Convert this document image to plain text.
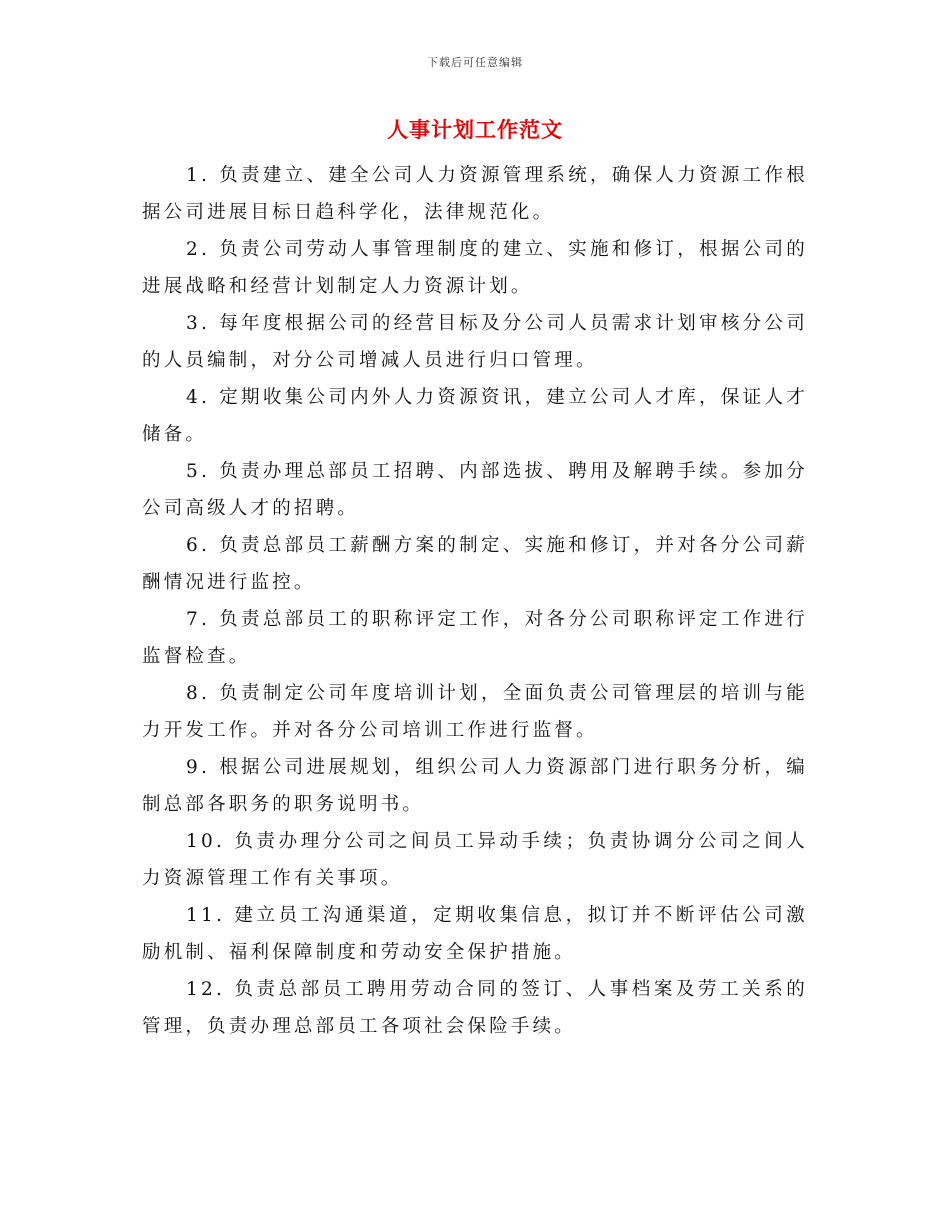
下载后可任意编辑
人事计划工作范文

1. 负责建立、建全公司人力资源管理系统，确保人力资源工作根据公司进展目标日趋科学化，法律规范化。

2. 负责公司劳动人事管理制度的建立、实施和修订，根据公司的进展战略和经营计划制定人力资源计划。

3. 每年度根据公司的经营目标及分公司人员需求计划审核分公司的人员编制，对分公司增减人员进行归口管理。

4. 定期收集公司内外人力资源资讯，建立公司人才库，保证人才储备。

5. 负责办理总部员工招聘、内部选拔、聘用及解聘手续。参加分公司高级人才的招聘。

6. 负责总部员工薪酬方案的制定、实施和修订，并对各分公司薪酬情况进行监控。

7. 负责总部员工的职称评定工作，对各分公司职称评定工作进行监督检查。

8. 负责制定公司年度培训计划，全面负责公司管理层的培训与能力开发工作。并对各分公司培训工作进行监督。

9. 根据公司进展规划，组织公司人力资源部门进行职务分析，编制总部各职务的职务说明书。

10. 负责办理分公司之间员工异动手续；负责协调分公司之间人力资源管理工作有关事项。

11. 建立员工沟通渠道，定期收集信息，拟订并不断评估公司激励机制、福利保障制度和劳动安全保护措施。

12. 负责总部员工聘用劳动合同的签订、人事档案及劳工关系的管理，负责办理总部员工各项社会保险手续。
